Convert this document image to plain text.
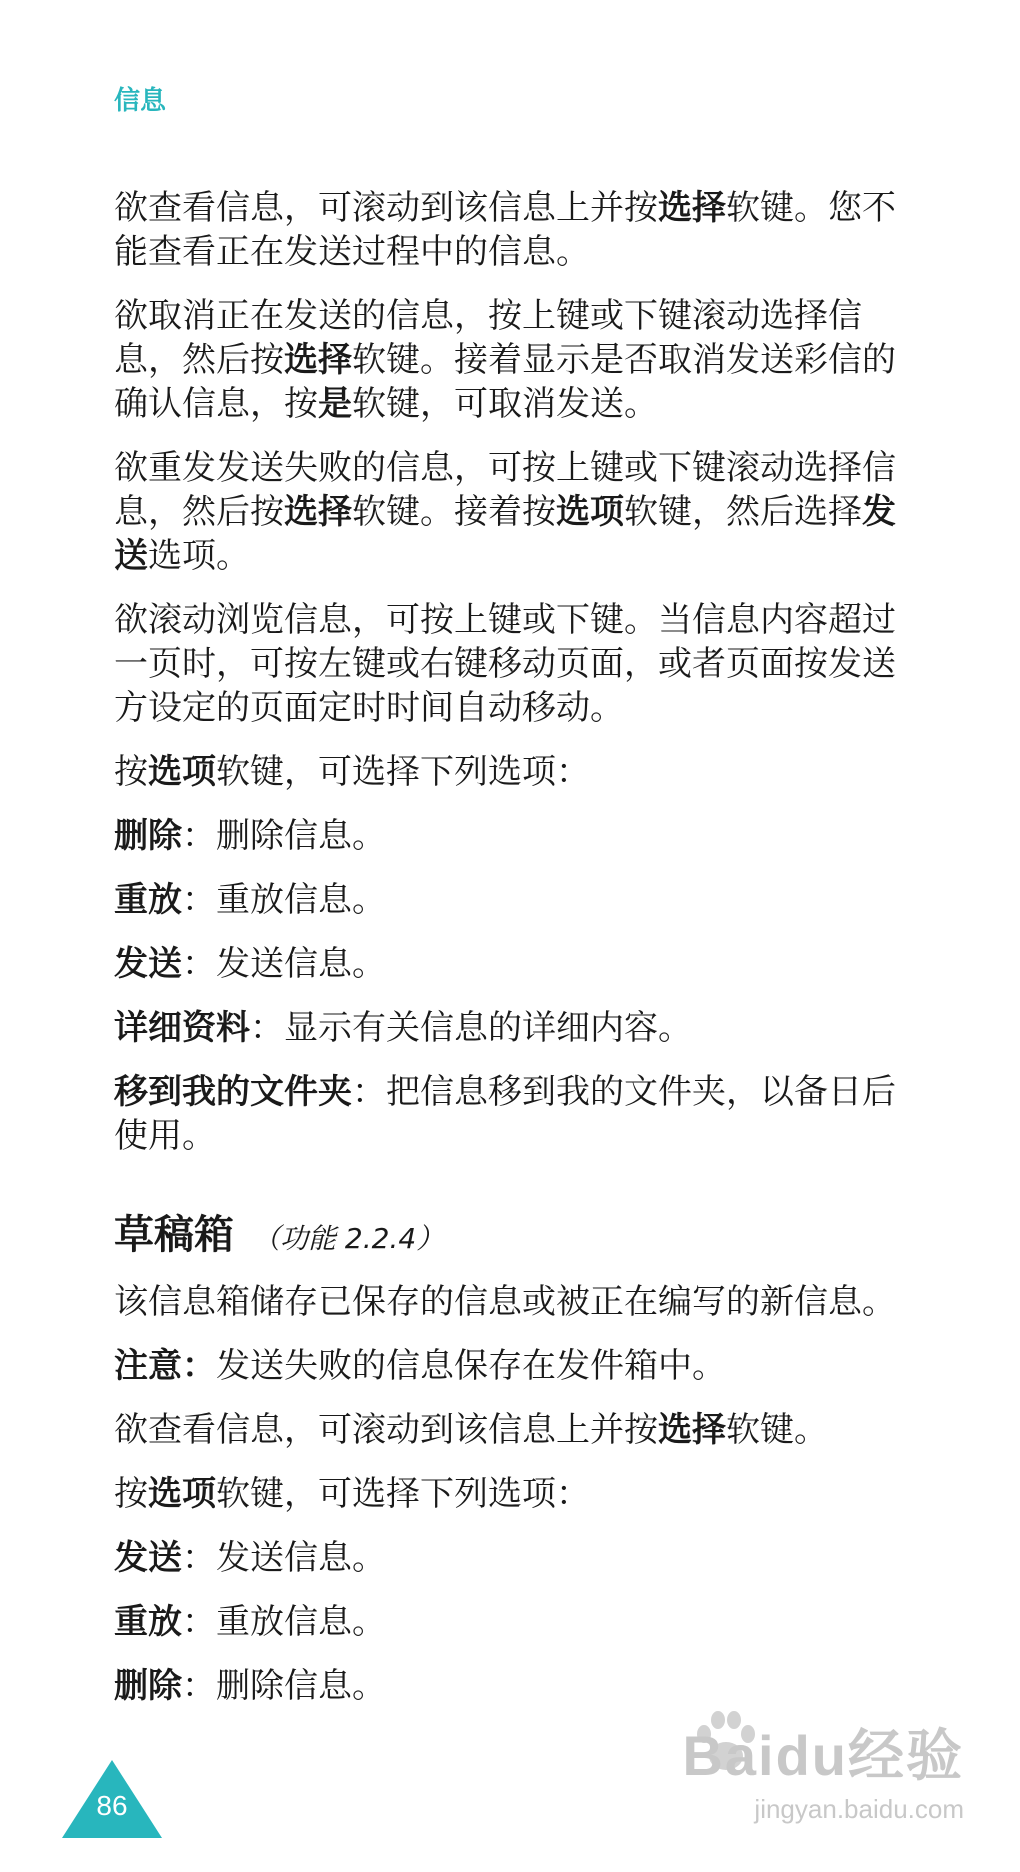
信息

欲查看信息，可滚动到该信息上并按选择软键。您不能查看正在发送过程中的信息。

欲取消正在发送的信息，按上键或下键滚动选择信息，然后按选择软键。接着显示是否取消发送彩信的确认信息，按是软键，可取消发送。

欲重发发送失败的信息，可按上键或下键滚动选择信息，然后按选择软键。接着按选项软键，然后选择发送选项。

欲滚动浏览信息，可按上键或下键。当信息内容超过一页时，可按左键或右键移动页面，或者页面按发送方设定的页面定时时间自动移动。

按选项软键，可选择下列选项：

删除：删除信息。

重放：重放信息。

发送：发送信息。

详细资料：显示有关信息的详细内容。

移到我的文件夹：把信息移到我的文件夹，以备日后使用。

草稿箱 （功能 2.2.4）

该信息箱储存已保存的信息或被正在编写的新信息。

注意：发送失败的信息保存在发件箱中。

欲查看信息，可滚动到该信息上并按选择软键。

按选项软键，可选择下列选项：

发送：发送信息。

重放：重放信息。

删除：删除信息。

86
Baidu经验
jingyan.baidu.com
